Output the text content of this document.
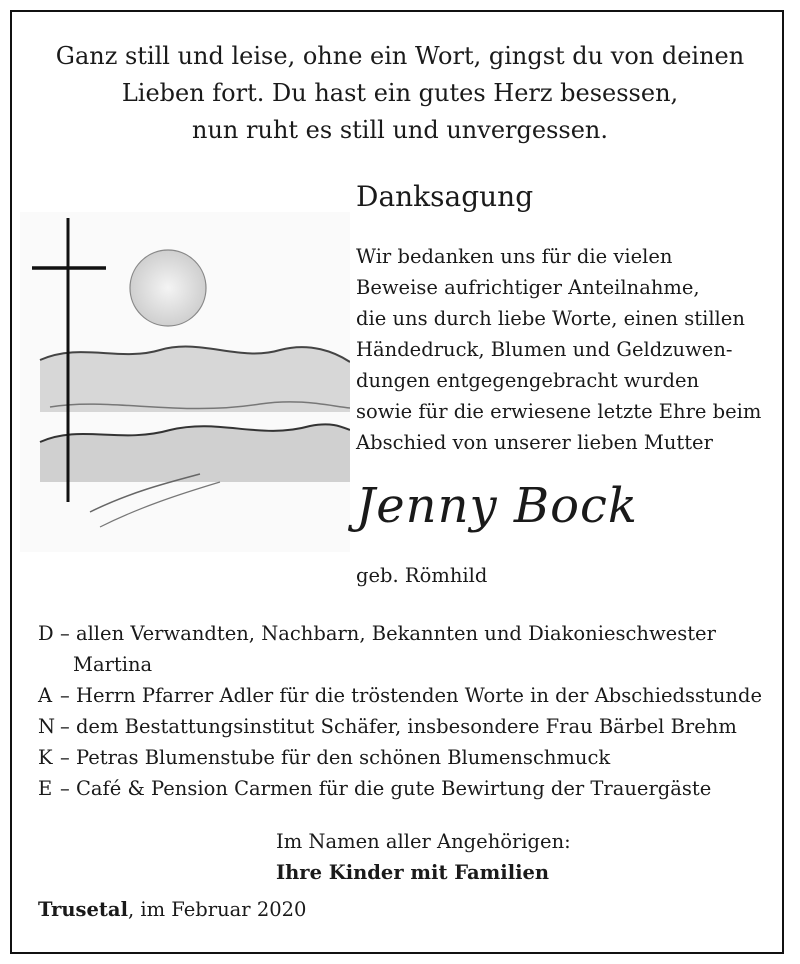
Ganz still und leise, ohne ein Wort, gingst du von deinen
Lieben fort. Du hast ein gutes Herz besessen,
nun ruht es still und unvergessen.
Danksagung
Wir bedanken uns für die vielen
Beweise aufrichtiger Anteilnahme,
die uns durch liebe Worte, einen stillen
Händedruck, Blumen und Geldzuwen-
dungen entgegengebracht wurden
sowie für die erwiesene letzte Ehre beim
Abschied von unserer lieben Mutter
Jenny Bock
geb. Römhild
D – allen Verwandten, Nachbarn, Bekannten und Diakonieschwester
Martina
A – Herrn Pfarrer Adler für die tröstenden Worte in der Abschiedsstunde
N – dem Bestattungsinstitut Schäfer, insbesondere Frau Bärbel Brehm
K – Petras Blumenstube für den schönen Blumenschmuck
E – Café & Pension Carmen für die gute Bewirtung der Trauergäste
Im Namen aller Angehörigen:
Ihre Kinder mit Familien
Trusetal, im Februar 2020
